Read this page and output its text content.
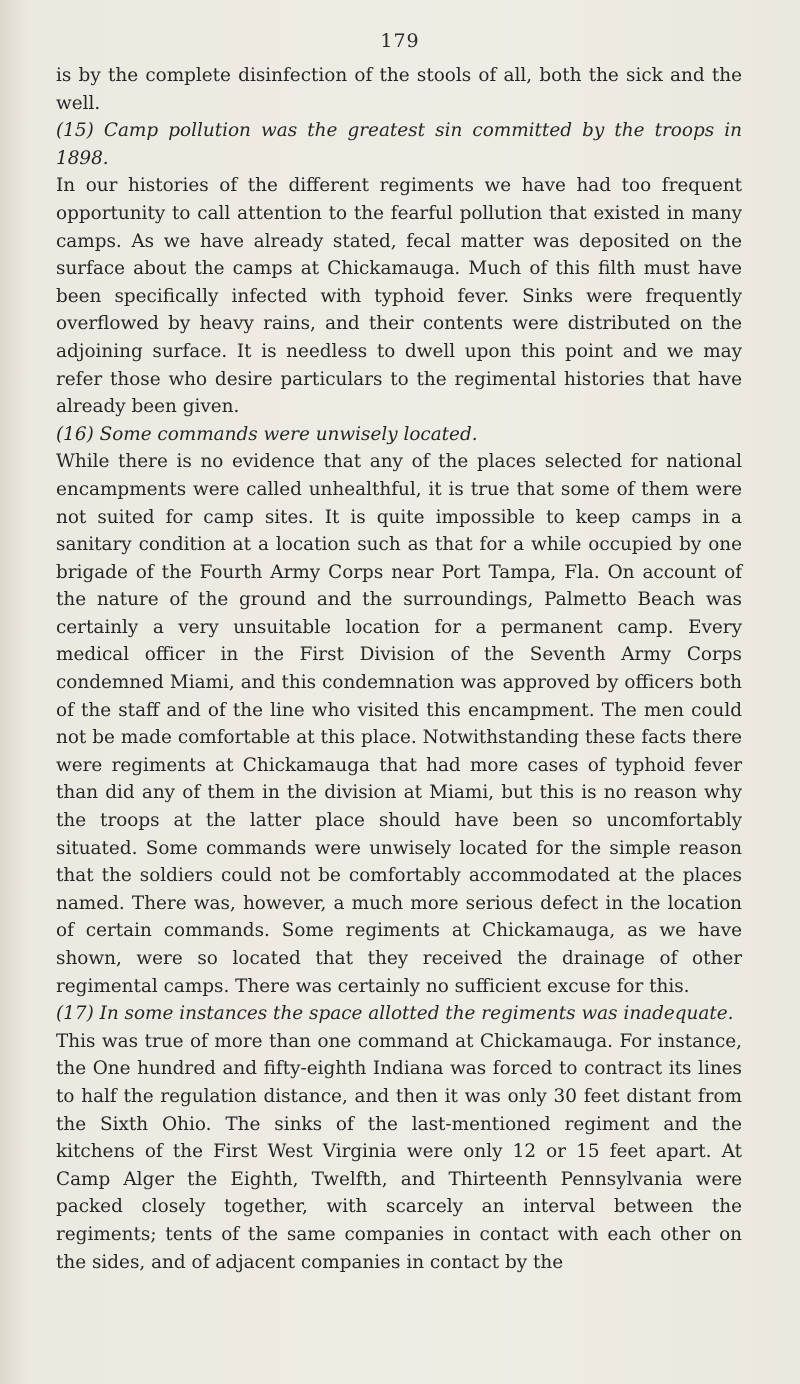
179

is by the complete disinfection of the stools of all, both the sick and the well.

(15) Camp pollution was the greatest sin committed by the troops in 1898.

In our histories of the different regiments we have had too frequent opportunity to call attention to the fearful pollution that existed in many camps. As we have already stated, fecal matter was deposited on the surface about the camps at Chickamauga. Much of this filth must have been specifically infected with typhoid fever. Sinks were frequently overflowed by heavy rains, and their contents were distributed on the adjoining surface. It is needless to dwell upon this point and we may refer those who desire particulars to the regimental histories that have already been given.

(16) Some commands were unwisely located.

While there is no evidence that any of the places selected for national encampments were called unhealthful, it is true that some of them were not suited for camp sites. It is quite impossible to keep camps in a sanitary condition at a location such as that for a while occupied by one brigade of the Fourth Army Corps near Port Tampa, Fla. On account of the nature of the ground and the surroundings, Palmetto Beach was certainly a very unsuitable location for a permanent camp. Every medical officer in the First Division of the Seventh Army Corps condemned Miami, and this condemnation was approved by officers both of the staff and of the line who visited this encampment. The men could not be made comfortable at this place. Notwithstanding these facts there were regiments at Chickamauga that had more cases of typhoid fever than did any of them in the division at Miami, but this is no reason why the troops at the latter place should have been so uncomfortably situated. Some commands were unwisely located for the simple reason that the soldiers could not be comfortably accommodated at the places named. There was, however, a much more serious defect in the location of certain commands. Some regiments at Chickamauga, as we have shown, were so located that they received the drainage of other regimental camps. There was certainly no sufficient excuse for this.

(17) In some instances the space allotted the regiments was inadequate.

This was true of more than one command at Chickamauga. For instance, the One hundred and fifty-eighth Indiana was forced to contract its lines to half the regulation distance, and then it was only 30 feet distant from the Sixth Ohio. The sinks of the last-mentioned regiment and the kitchens of the First West Virginia were only 12 or 15 feet apart. At Camp Alger the Eighth, Twelfth, and Thirteenth Pennsylvania were packed closely together, with scarcely an interval between the regiments; tents of the same companies in contact with each other on the sides, and of adjacent companies in contact by the
